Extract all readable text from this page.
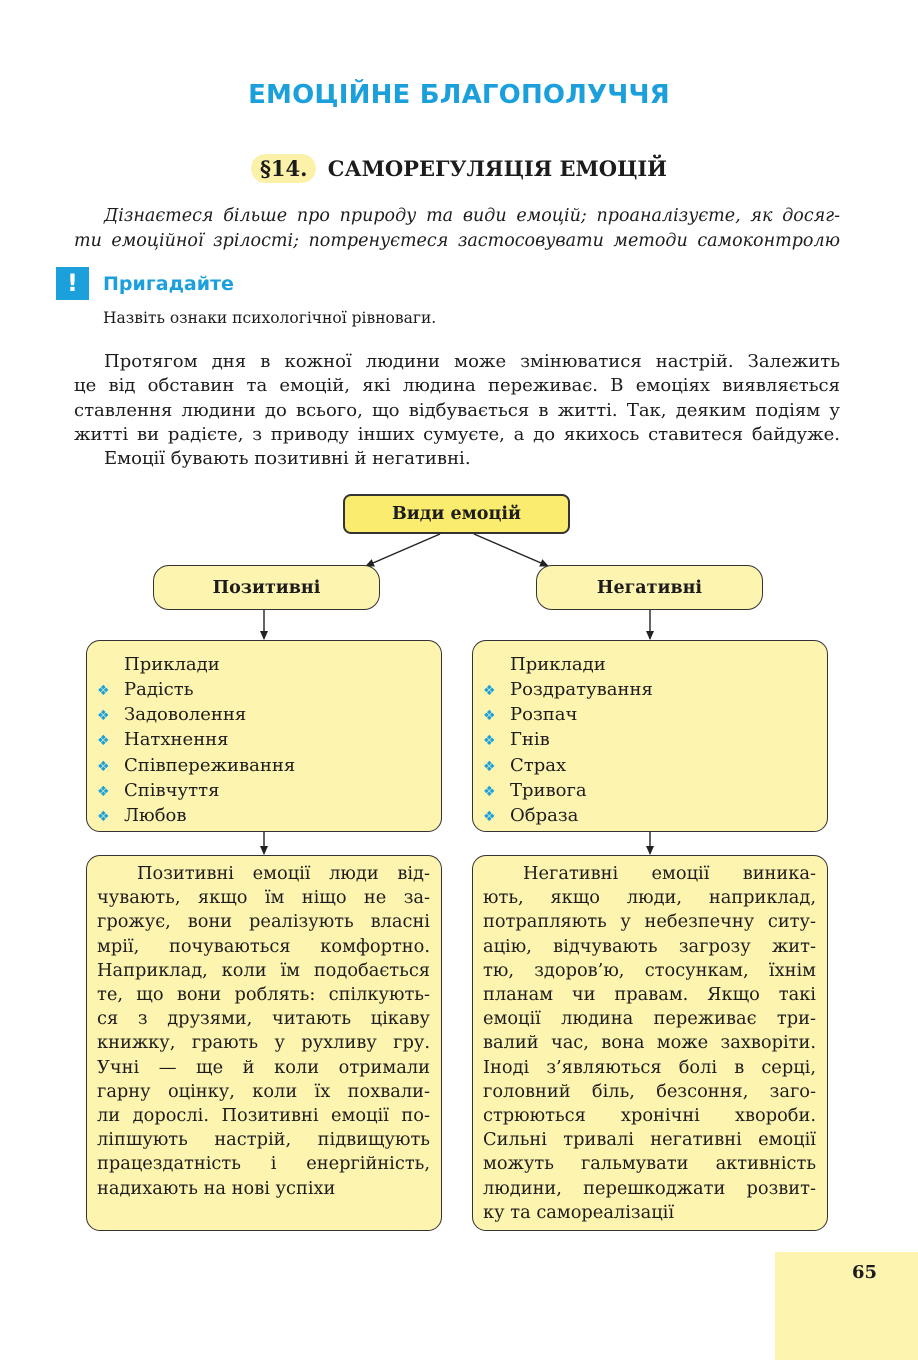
ЕМОЦІЙНЕ БЛАГОПОЛУЧЧЯ
§14. САМОРЕГУЛЯЦІЯ ЕМОЦІЙ

Дізнаєтеся більше про природу та види емоцій; проаналізуєте, як досяг-
ти емоційної зрілості; потренуєтеся застосовувати методи самоконтролю

!	Пригадайте
Назвіть ознаки психологічної рівноваги.

Протягом дня в кожної людини може змінюватися настрій. Залежить
це від обставин та емоцій, які людина переживає. В емоціях виявляється
ставлення людини до всього, що відбувається в житті. Так, деяким подіям у
житті ви радієте, з приводу інших сумуєте, а до якихось ставитеся байдуже.
Емоції бувають позитивні й негативні.

Види емоцій
Позитивні	Негативні
Приклади
❖ Радість
❖ Задоволення
❖ Натхнення
❖ Співпереживання
❖ Співчуття
❖ Любов
Приклади
❖ Роздратування
❖ Розпач
❖ Гнів
❖ Страх
❖ Тривога
❖ Образа

Позитивні емоції люди від-
чувають, якщо їм ніщо не за-
грожує, вони реалізують власні
мрії, почуваються комфортно.
Наприклад, коли їм подобається
те, що вони роблять: спілкують-
ся з друзями, читають цікаву
книжку, грають у рухливу гру.
Учні — ще й коли отримали
гарну оцінку, коли їх похвали-
ли дорослі. Позитивні емоції по-
ліпшують настрій, підвищують
працездатність і енергійність,
надихають на нові успіхи

Негативні емоції виника-
ють, якщо люди, наприклад,
потрапляють у небезпечну ситу-
ацію, відчувають загрозу жит-
тю, здоров’ю, стосункам, їхнім
планам чи правам. Якщо такі
емоції людина переживає три-
валий час, вона може захворіти.
Іноді з’являються болі в серці,
головний біль, безсоння, заго-
стрюються хронічні хвороби.
Сильні тривалі негативні емоції
можуть гальмувати активність
людини, перешкоджати розвит-
ку та самореалізації

65
